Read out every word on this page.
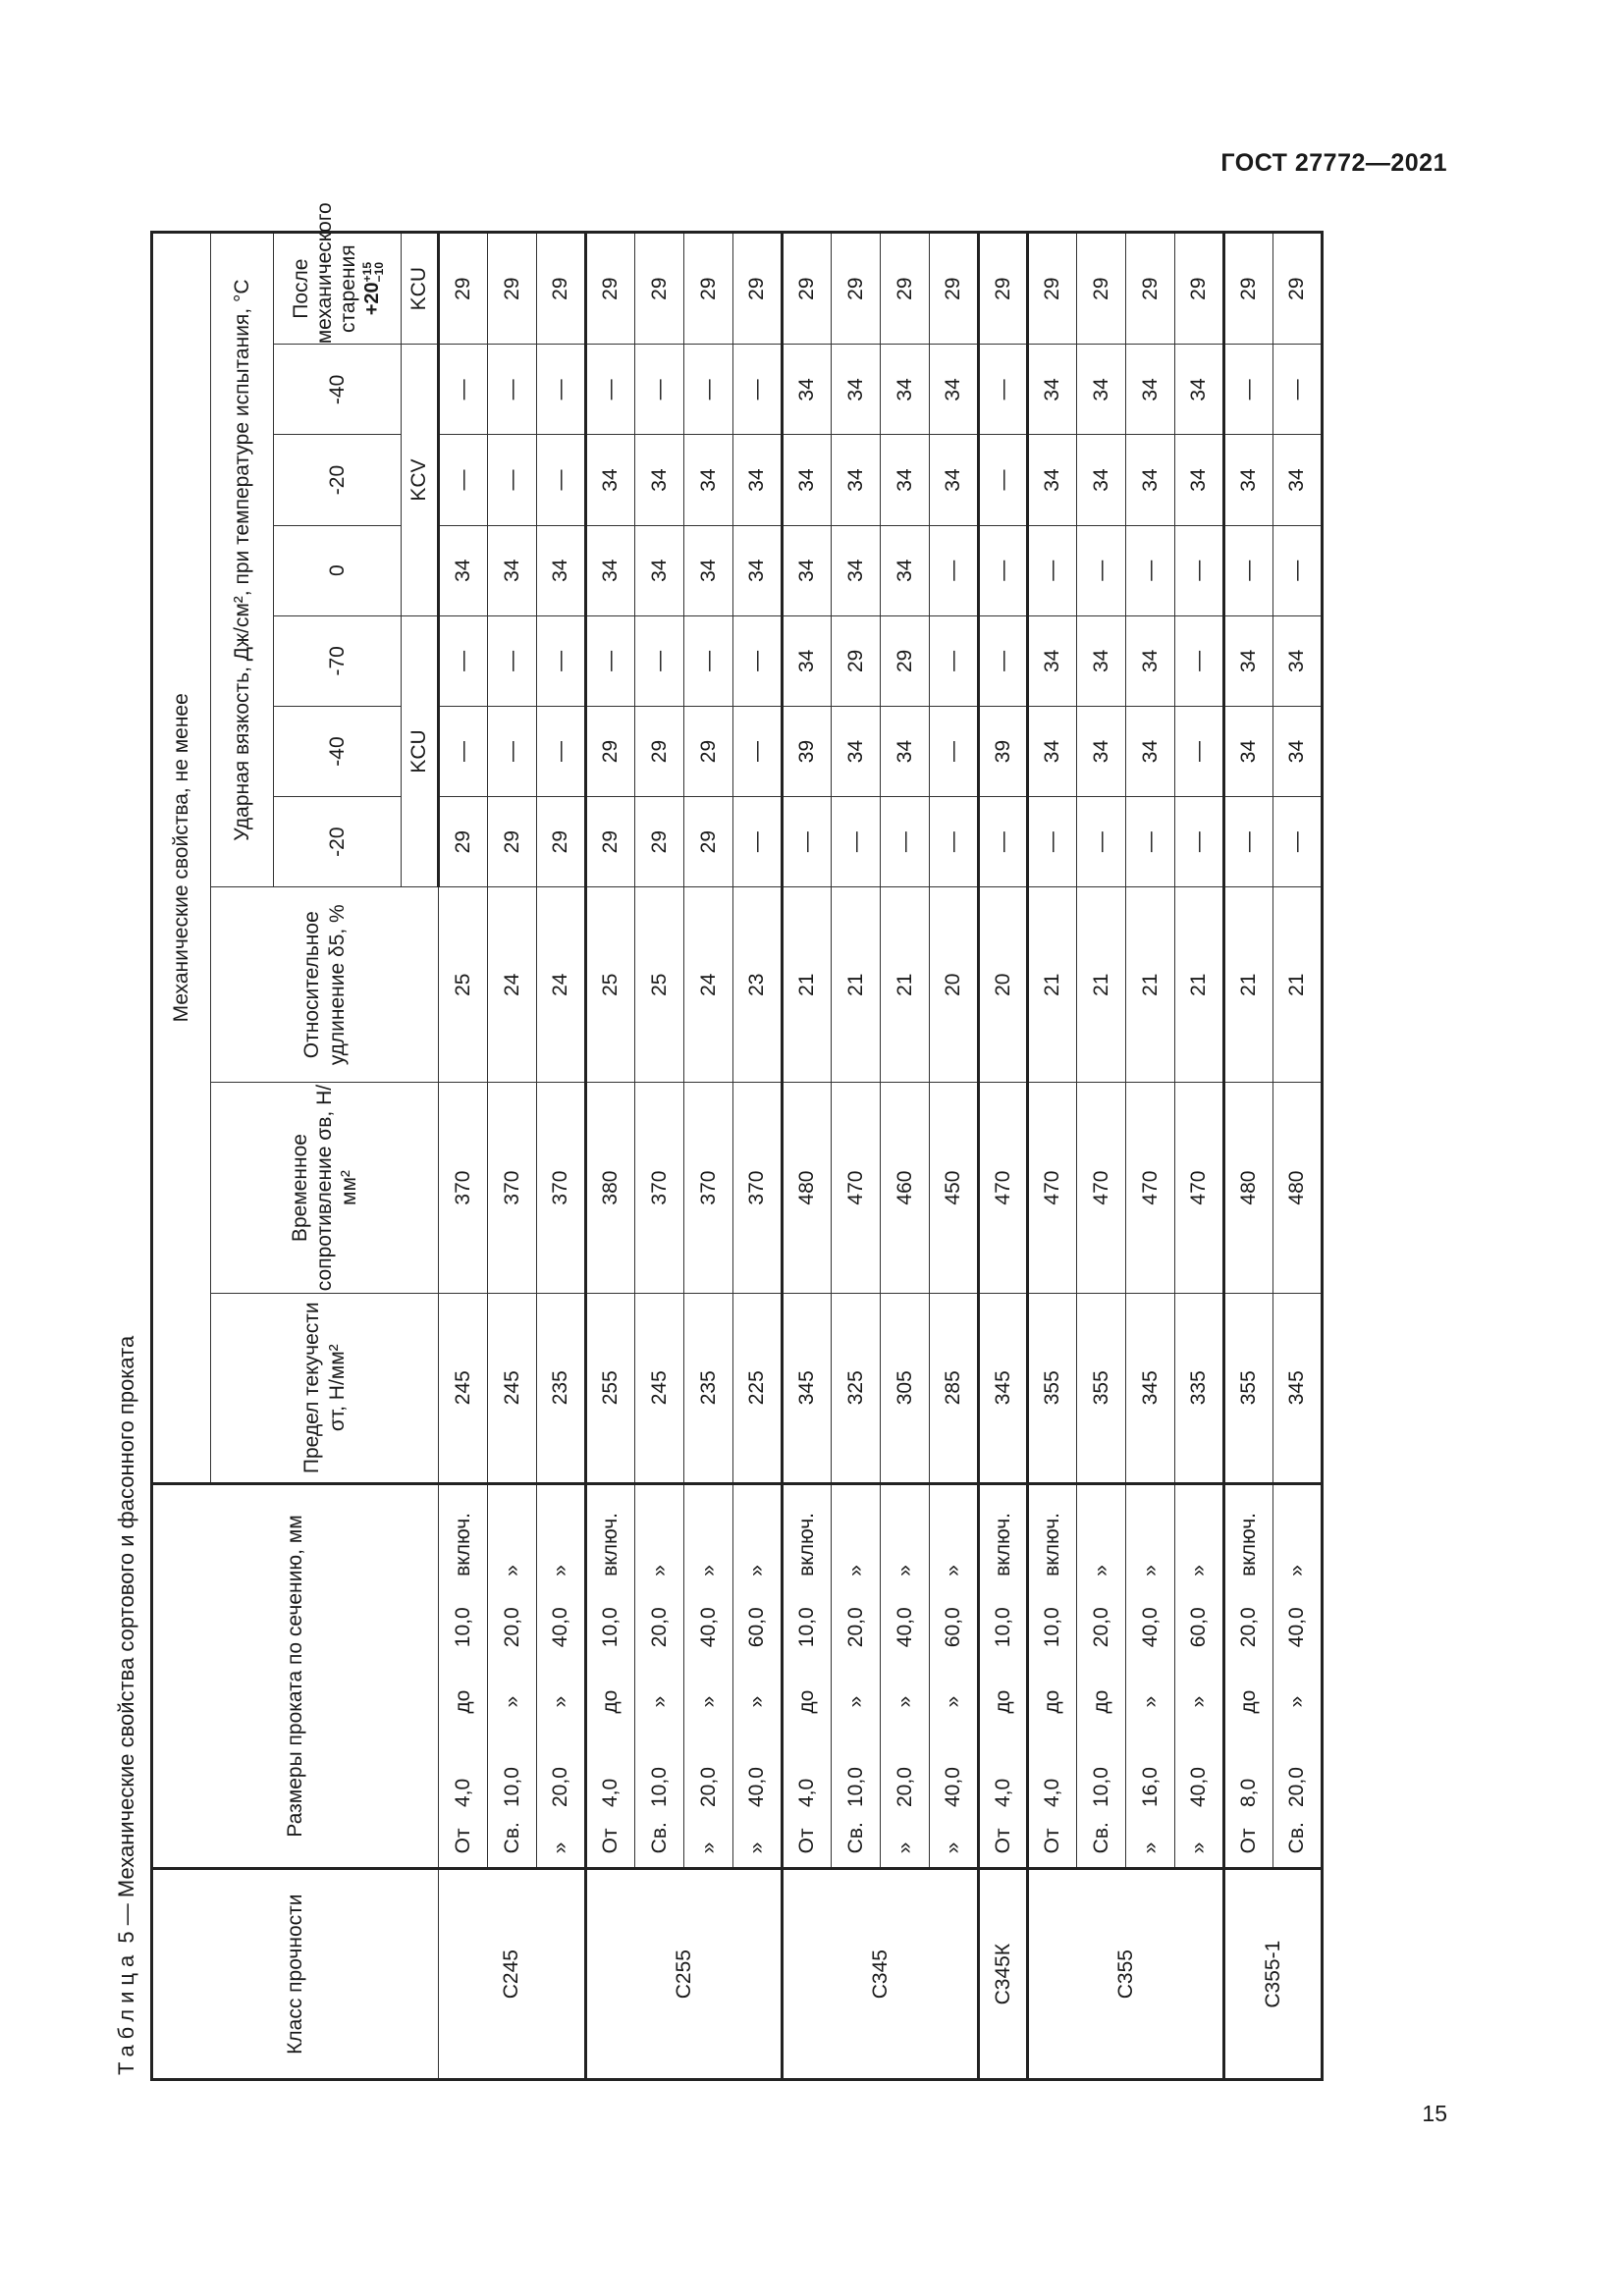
ГОСТ 27772—2021
Таблица 5 — Механические свойства сортового и фасонного проката
Класс прочности	Размеры проката по сечению, мм					Механические свойства, не менее									
						Предел текучести σт, Н/мм²	Временное сопротивление σв, Н/мм²	Относительное удлинение δ5, %	Ударная вязкость, Дж/см², при температуре испытания, °С						
									-20	-40	-70	0	-20	-40	После механического старения +20
+15
−10

									KCU			KCV			KCU
С245	От	4,0	до	10,0	включ.	245	370	25	29	—	—	34	—	—	29
	Св.	10,0	»	20,0	»	245	370	24	29	—	—	34	—	—	29
	»	20,0	»	40,0	»	235	370	24	29	—	—	34	—	—	29
С255	От	4,0	до	10,0	включ.	255	380	25	29	29	—	34	34	—	29
	Св.	10,0	»	20,0	»	245	370	25	29	29	—	34	34	—	29
	»	20,0	»	40,0	»	235	370	24	29	29	—	34	34	—	29
	»	40,0	»	60,0	»	225	370	23	—	—	—	34	34	—	29
С345	От	4,0	до	10,0	включ.	345	480	21	—	39	34	34	34	34	29
	Св.	10,0	»	20,0	»	325	470	21	—	34	29	34	34	34	29
	»	20,0	»	40,0	»	305	460	21	—	34	29	34	34	34	29
	»	40,0	»	60,0	»	285	450	20	—	—	—	—	34	34	29
С345К	От	4,0	до	10,0	включ.	345	470	20	—	39	—	—	—	—	29
С355	От	4,0	до	10,0	включ.	355	470	21	—	34	34	—	34	34	29
	Св.	10,0	до	20,0	»	355	470	21	—	34	34	—	34	34	29
	»	16,0	»	40,0	»	345	470	21	—	34	34	—	34	34	29
	»	40,0	»	60,0	»	335	470	21	—	—	—	—	34	34	29
С355-1	От	8,0	до	20,0	включ.	355	480	21	—	34	34	—	34	—	29
	Св.	20,0	»	40,0	»	345	480	21	—	34	34	—	34	—	29
15
